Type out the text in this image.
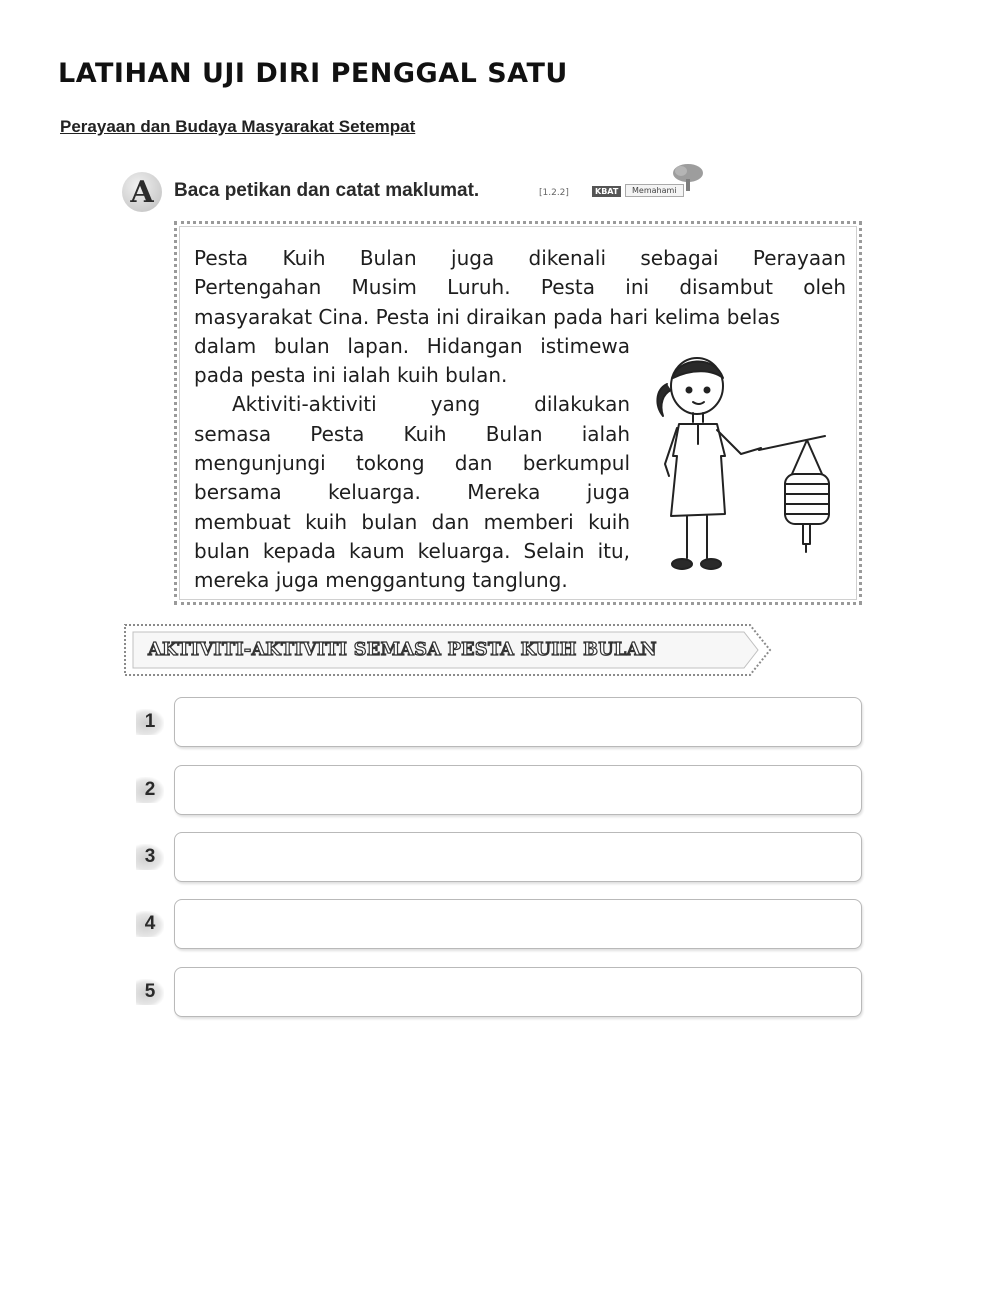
LATIHAN UJI DIRI PENGGAL SATU
Perayaan dan Budaya Masyarakat Setempat
A	Baca petikan dan catat maklumat.	[1.2.2]	KBAT	Memahami
Pesta Kuih Bulan juga dikenali sebagai Perayaan
Pertengahan Musim Luruh. Pesta ini disambut oleh
masyarakat Cina. Pesta ini diraikan pada hari kelima belas
dalam bulan lapan. Hidangan istimewa
pada pesta ini ialah kuih bulan.
Aktiviti-aktiviti yang dilakukan
semasa Pesta Kuih Bulan ialah
mengunjungi tokong dan berkumpul
bersama keluarga. Mereka juga
membuat kuih bulan dan memberi kuih
bulan kepada kaum keluarga. Selain itu,
mereka juga menggantung tanglung.
AKTIVITI-AKTIVITI SEMASA PESTA KUIH BULAN
1
2
3
4
5
